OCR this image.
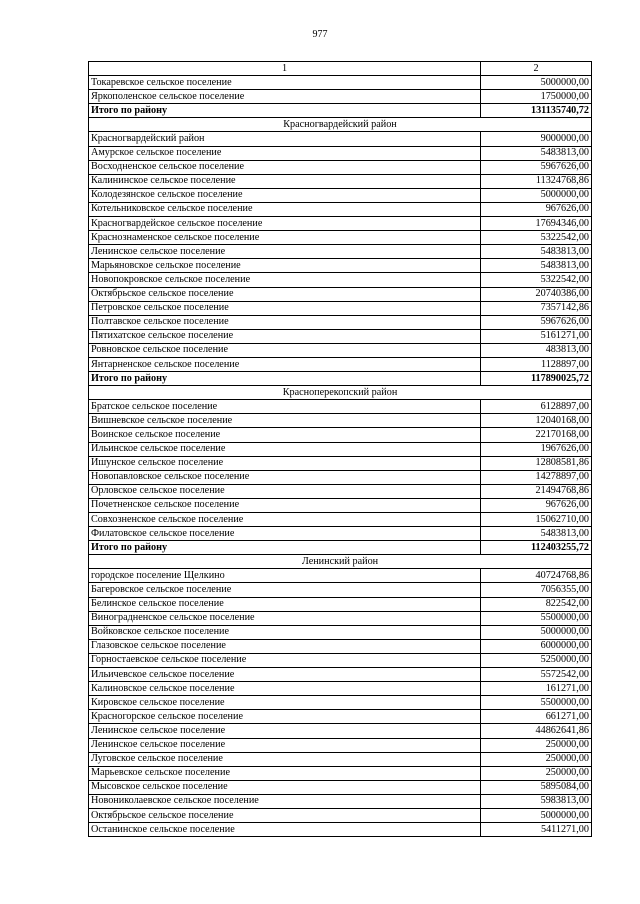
977
1	2
Токаревское сельское поселение	5000000,00
Яркополенское сельское поселение	1750000,00
Итого по району	131135740,72
Красногвардейский район	
Красногвардейский район	9000000,00
Амурское сельское поселение	5483813,00
Восходненское сельское поселение	5967626,00
Калининское сельское поселение	11324768,86
Колодезянское сельское поселение	5000000,00
Котельниковское сельское поселение	967626,00
Красногвардейское сельское поселение	17694346,00
Краснознаменское сельское поселение	5322542,00
Ленинское сельское поселение	5483813,00
Марьяновское сельское поселение	5483813,00
Новопокровское сельское поселение	5322542,00
Октябрьское сельское поселение	20740386,00
Петровское сельское поселение	7357142,86
Полтавское сельское поселение	5967626,00
Пятихатское сельское поселение	5161271,00
Ровновское сельское поселение	483813,00
Янтарненское сельское поселение	1128897,00
Итого по району	117890025,72
Красноперекопский район	
Братское сельское поселение	6128897,00
Вишневское сельское поселение	12040168,00
Воинское сельское поселение	22170168,00
Ильинское сельское поселение	1967626,00
Ишунское сельское поселение	12808581,86
Новопавловское сельское поселение	14278897,00
Орловское сельское поселение	21494768,86
Почетненское сельское поселение	967626,00
Совхозненское сельское поселение	15062710,00
Филатовское сельское поселение	5483813,00
Итого по району	112403255,72
Ленинский район	
городское поселение Щелкино	40724768,86
Багеровское сельское поселение	7056355,00
Белинское сельское поселение	822542,00
Виноградненское сельское поселение	5500000,00
Войковское сельское поселение	5000000,00
Глазовское сельское поселение	6000000,00
Горностаевское сельское поселение	5250000,00
Ильичевское сельское поселение	5572542,00
Калиновское сельское поселение	161271,00
Кировское сельское поселение	5500000,00
Красногорское сельское поселение	661271,00
Ленинское сельское поселение	44862641,86
Ленинское сельское поселение	250000,00
Луговское сельское поселение	250000,00
Марьевское сельское поселение	250000,00
Мысовское сельское поселение	5895084,00
Новониколаевское сельское поселение	5983813,00
Октябрьское сельское поселение	5000000,00
Останинское сельское поселение	5411271,00
